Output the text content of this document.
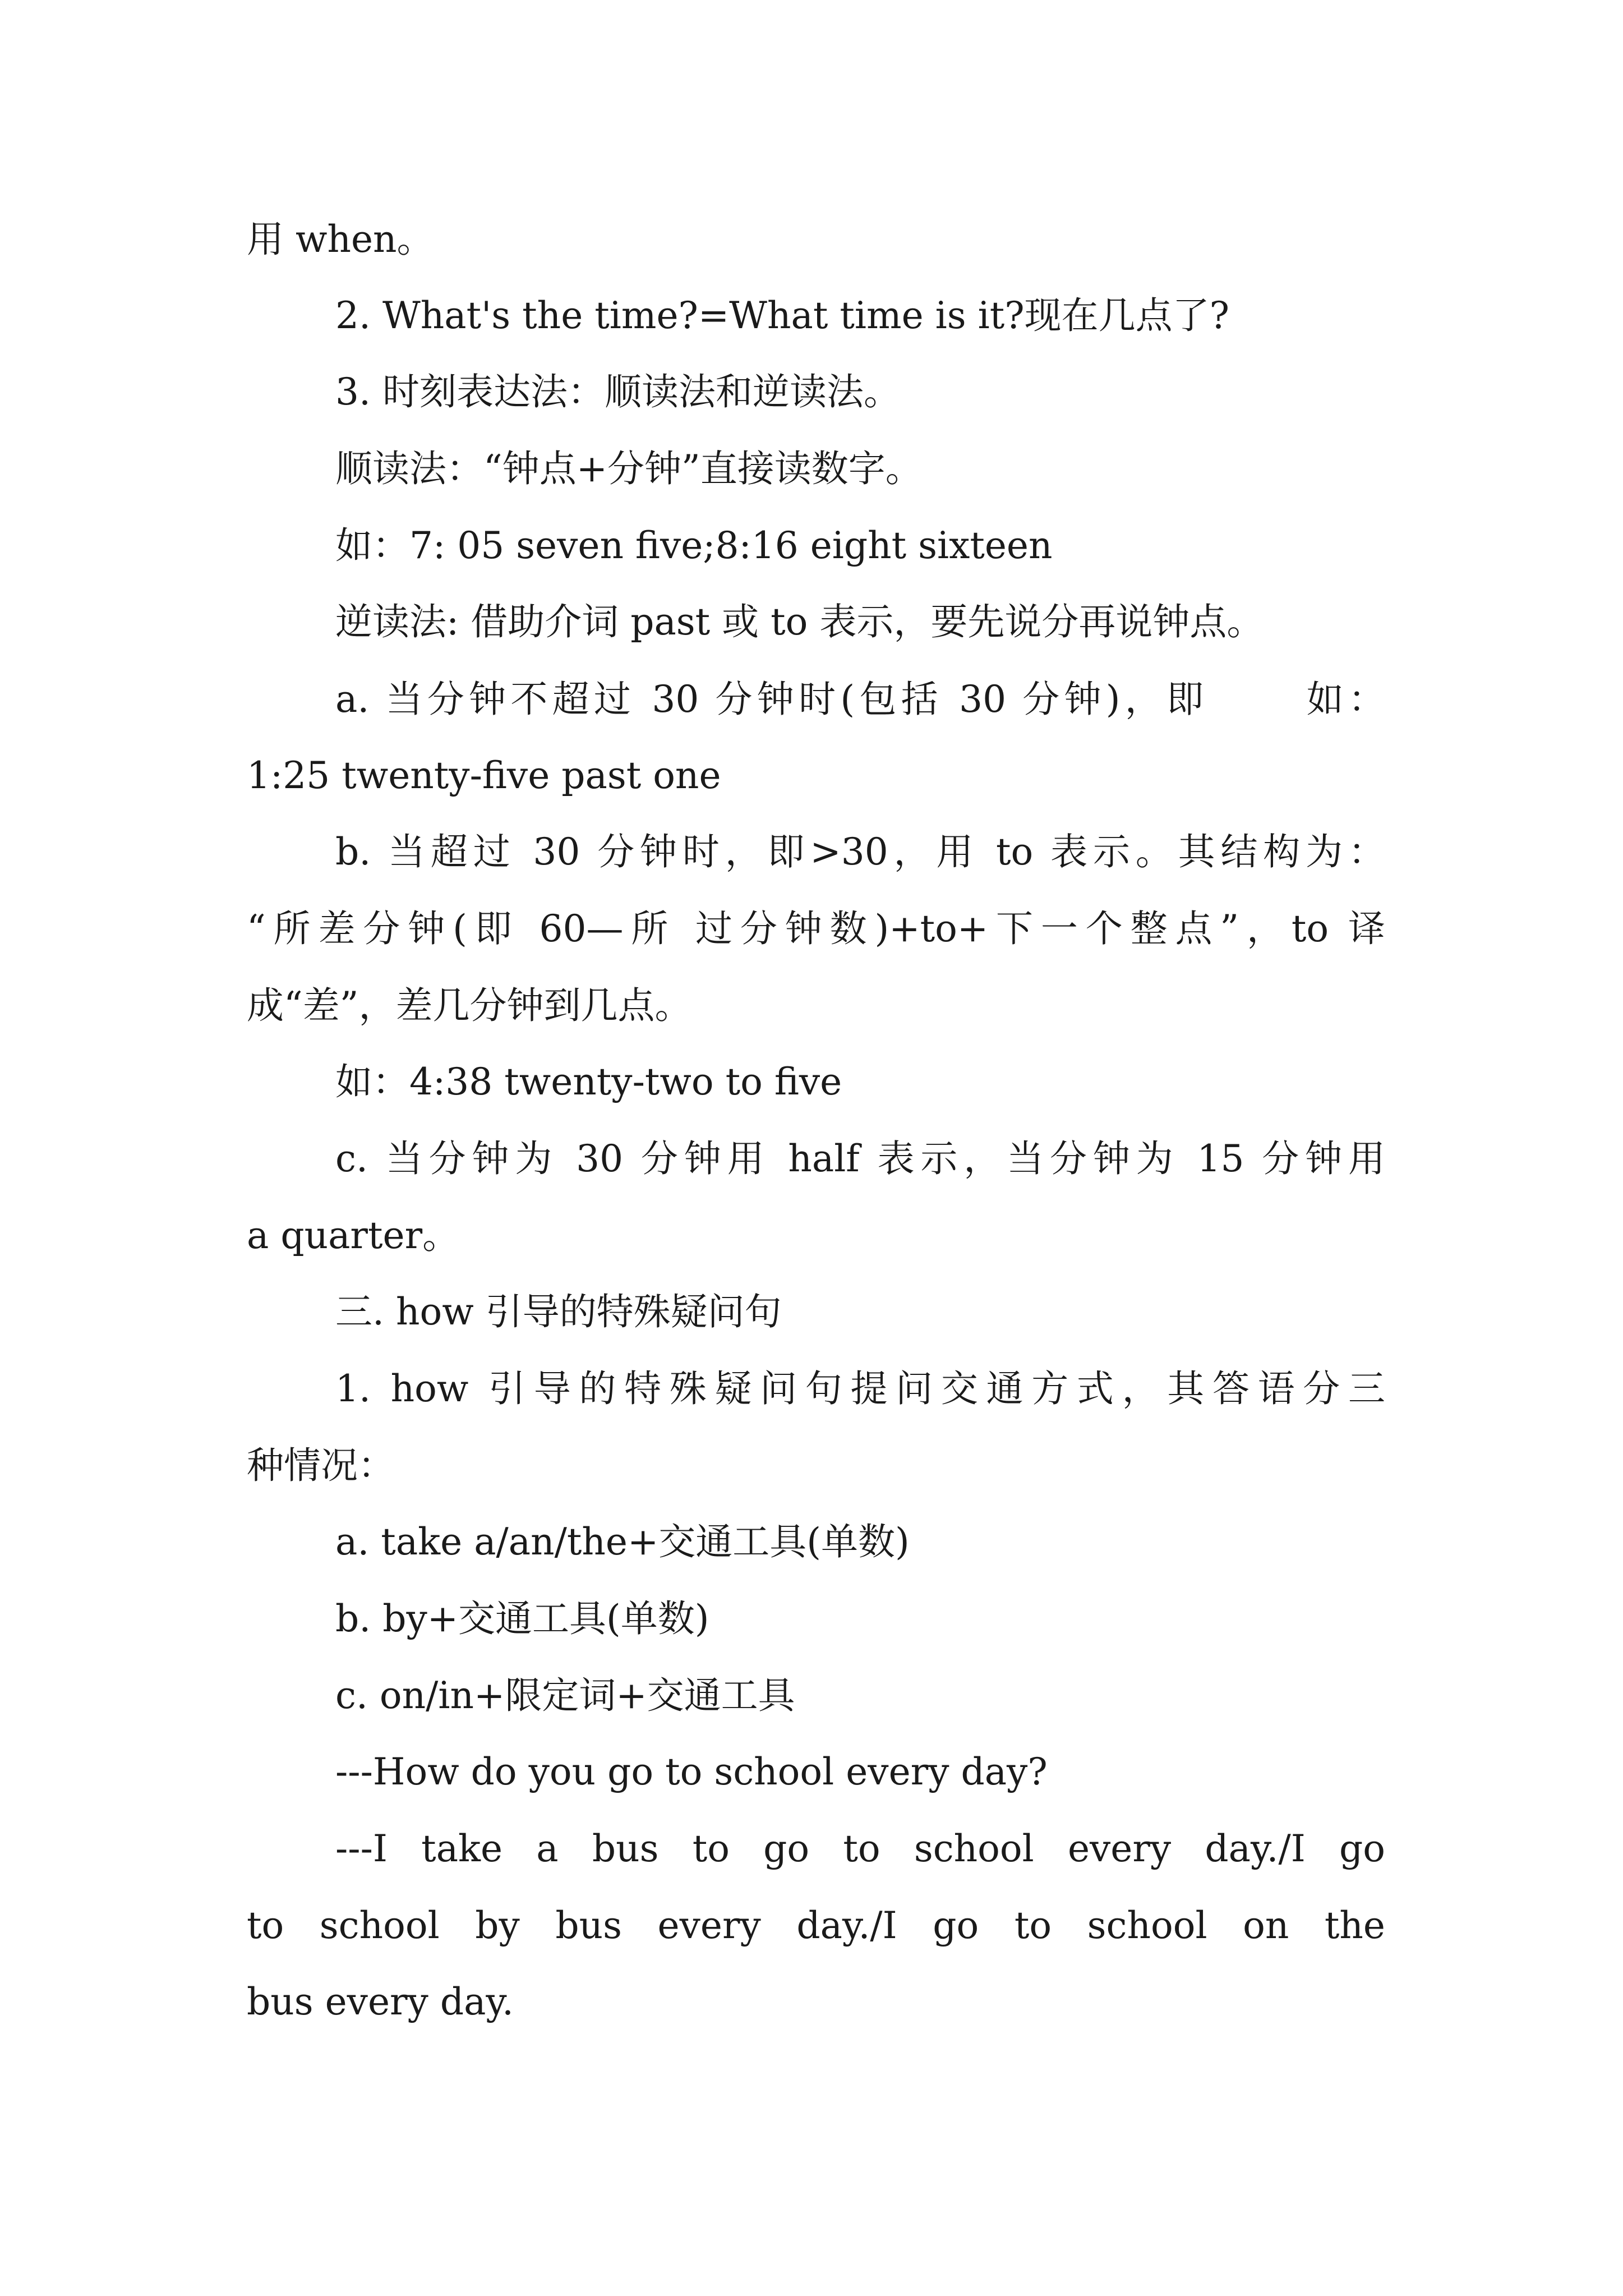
用 when。
2. What's the time?=What time is it?现在几点了?
3. 时刻表达法：顺读法和逆读法。
顺读法：“钟点+分钟”直接读数字。
如：7: 05 seven five;8:16 eight sixteen
逆读法: 借助介词 past 或 to 表示，要先说分再说钟点。
a. 当分钟不超过 30 分钟时(包括 30 分钟)，即      如：
1:25 twenty-five past one
b. 当超过 30 分钟时，即>30，用 to 表示。其结构为：
“所差分钟(即 60—所 过分钟数)+to+下一个整点”，to 译
成“差”，差几分钟到几点。
如：4:38 twenty-two to five
c. 当分钟为 30 分钟用 half 表示，当分钟为 15 分钟用
a quarter。
三. how 引导的特殊疑问句
1. how 引导的特殊疑问句提问交通方式，其答语分三
种情况：
a. take a/an/the+交通工具(单数)
b. by+交通工具(单数)
c. on/in+限定词+交通工具
---How do you go to school every day?
---I take a bus to go to school every day./I go
to school by bus every day./I go to school on the
bus every day.
